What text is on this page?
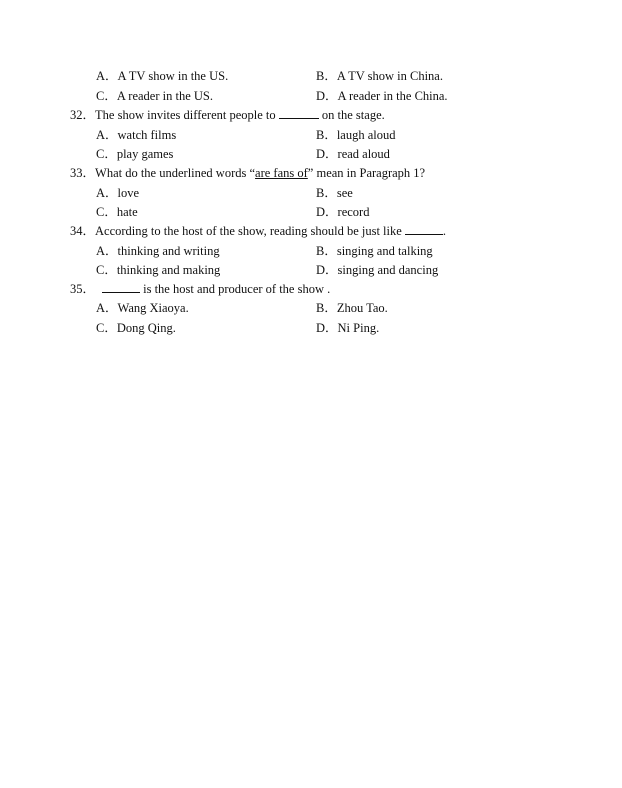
A．A TV show in the US.	B．A TV show in China.
C．A reader in the US.	D．A reader in the China.
32．The show invites different people to	on the stage.
A．watch films	B．laugh aloud
C．play games	D．read aloud
33．What do the underlined words “are fans of” mean in Paragraph 1?
A．love	B．see
C．hate	D．record
34．According to the host of the show, reading should be just like	.
A．thinking and writing	B．singing and talking
C．thinking and making	D．singing and dancing
35．	is the host and producer of the show .
A．Wang Xiaoya.	B．Zhou Tao.
C．Dong Qing.	D．Ni Ping.
